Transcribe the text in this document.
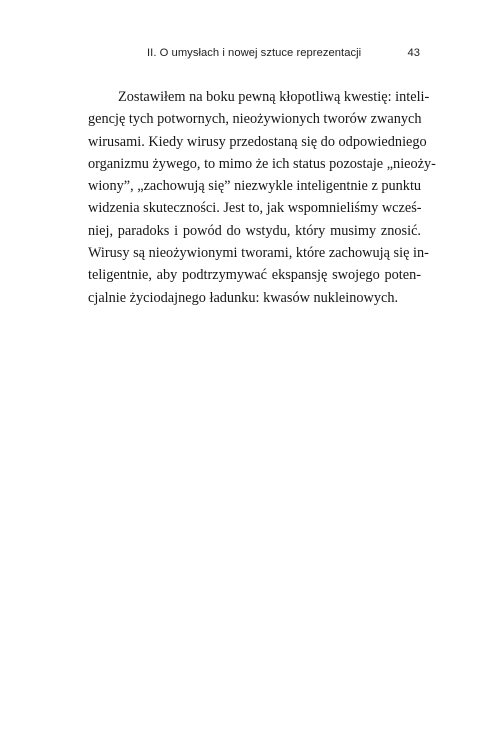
II. O umysłach i nowej sztuce reprezentacji	43
Zostawiłem na boku pewną kłopotliwą kwestię: inteli-
gencję tych potwornych, nieożywionych tworów zwanych
wirusami. Kiedy wirusy przedostaną się do odpowiedniego
organizmu żywego, to mimo że ich status pozostaje „nieoży-
wiony”, „zachowują się” niezwykle inteligentnie z punktu
widzenia skuteczności. Jest to, jak wspomnieliśmy wcześ-
niej, paradoks i powód do wstydu, który musimy znosić.
Wirusy są nieożywionymi tworami, które zachowują się in-
teligentnie, aby podtrzymywać ekspansję swojego poten-
cjalnie życiodajnego ładunku: kwasów nukleinowych.
